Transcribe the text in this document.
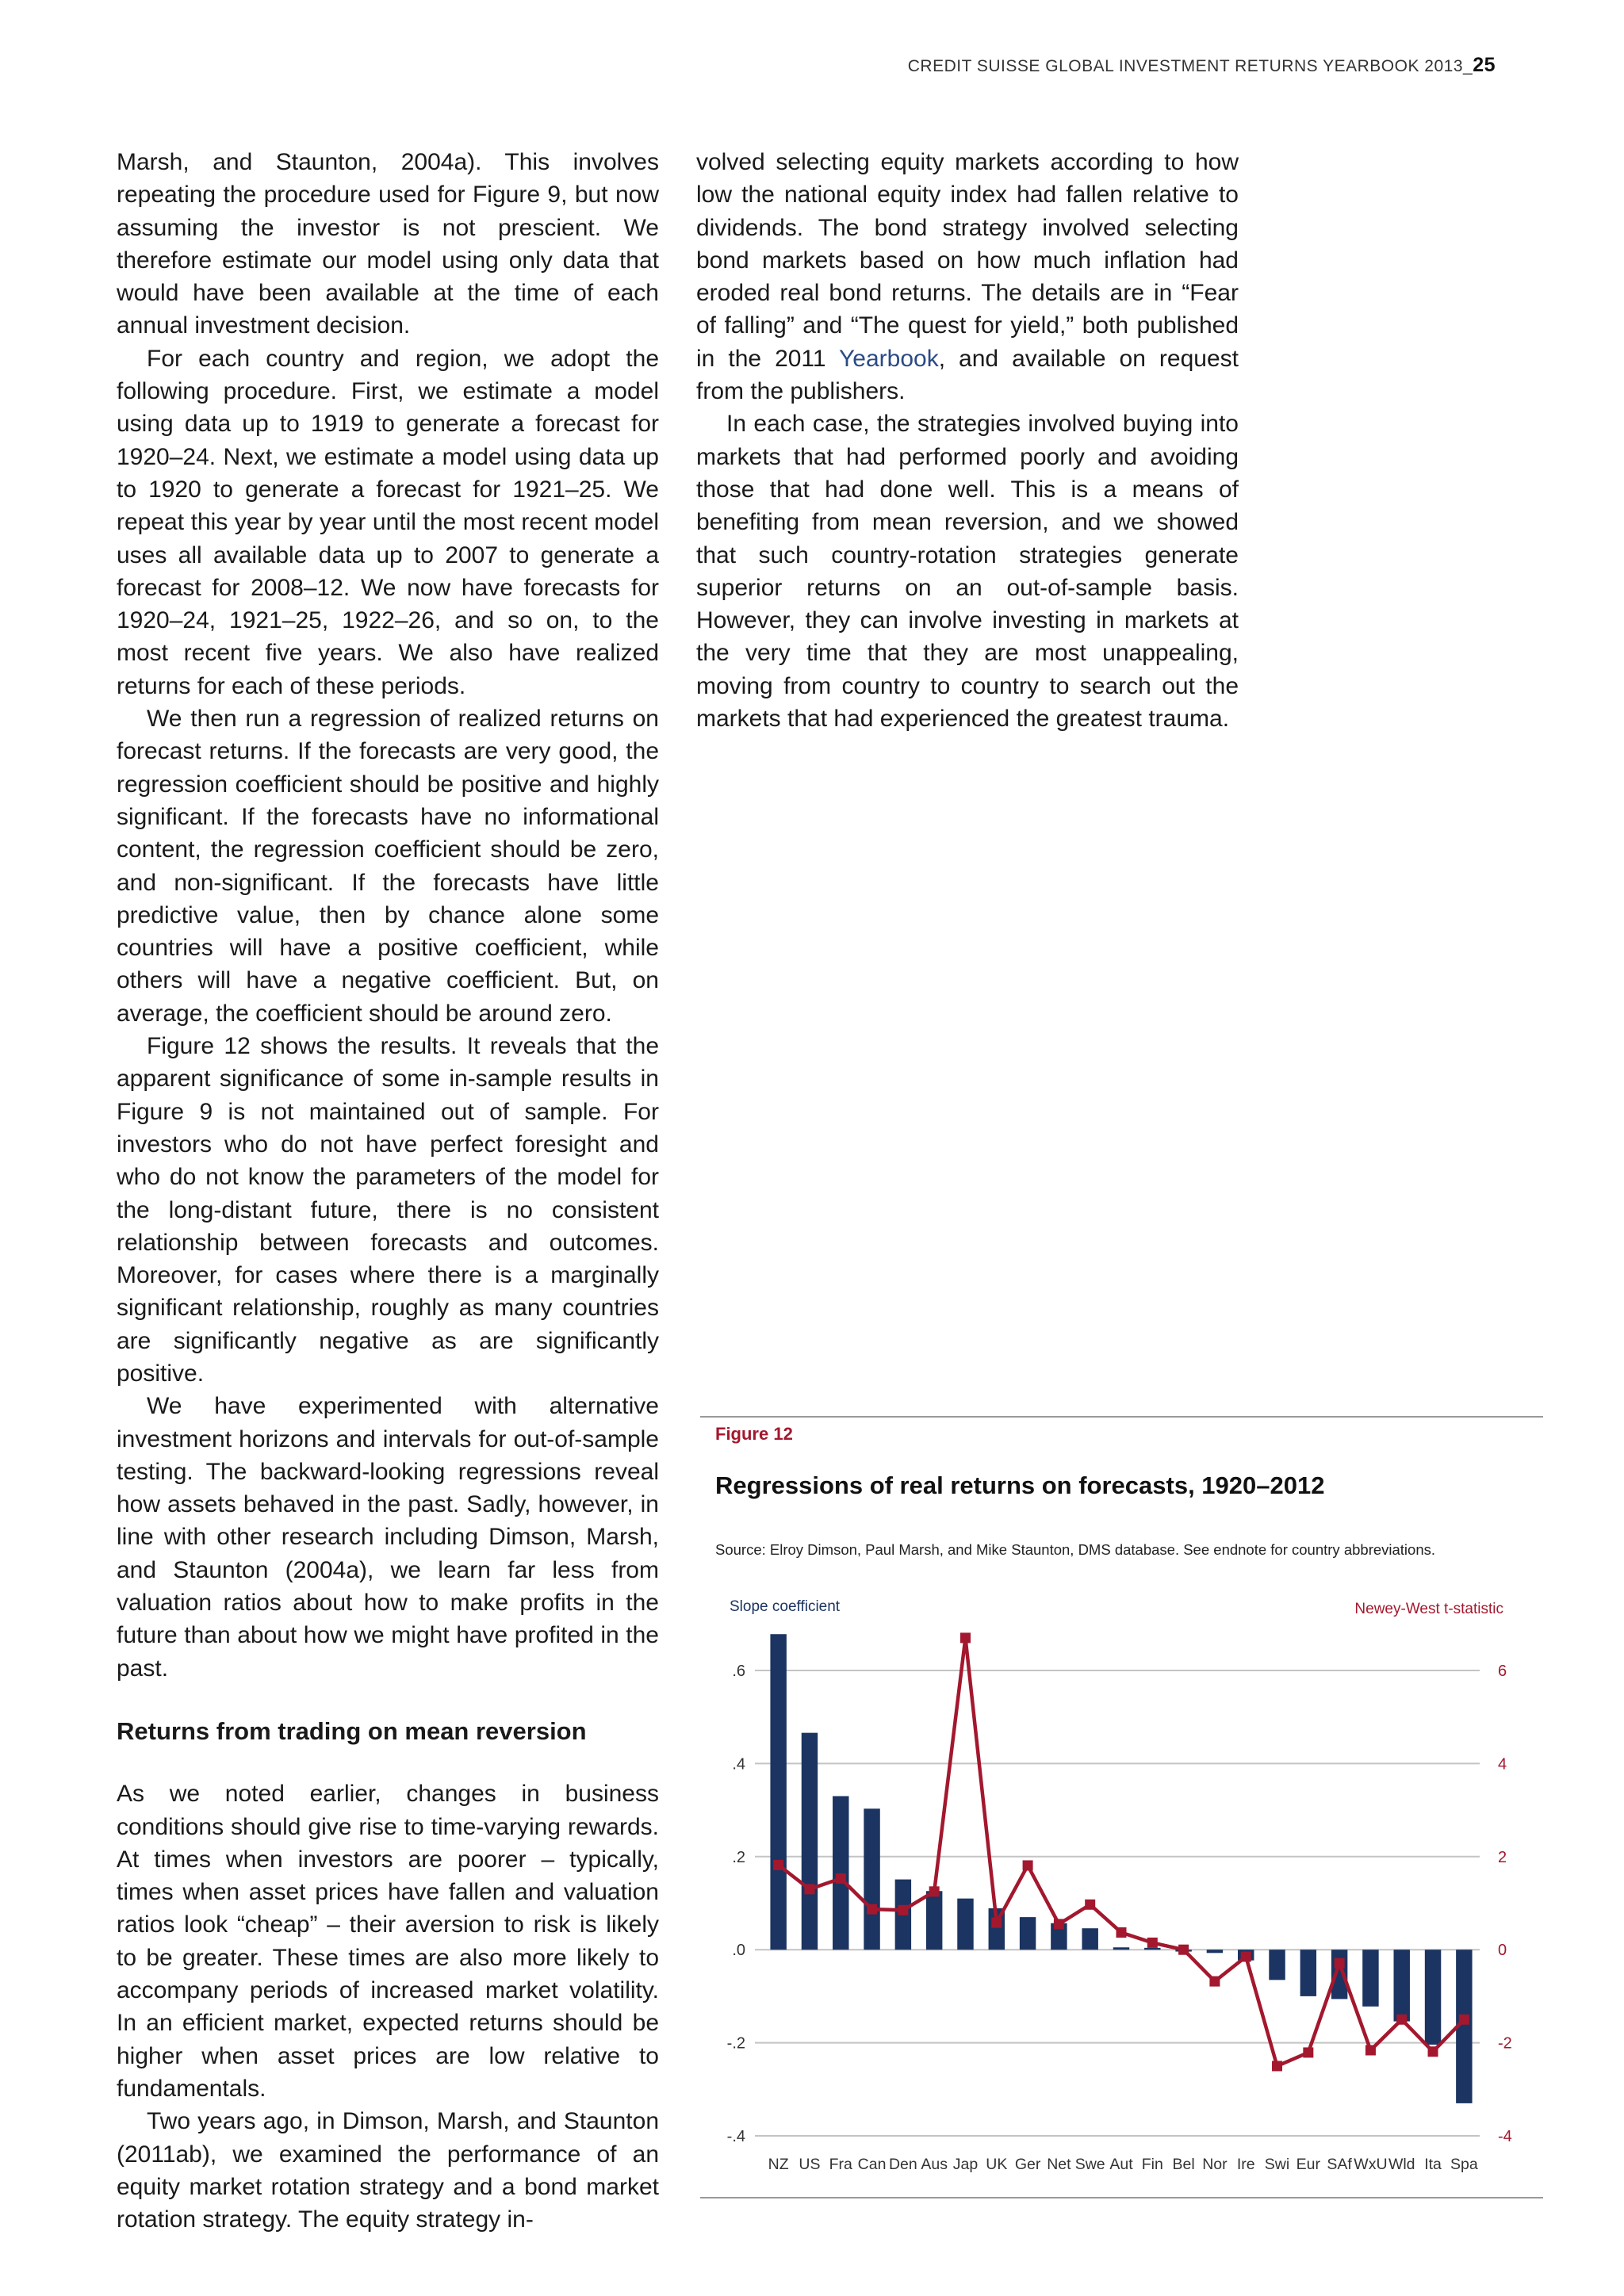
CREDIT SUISSE GLOBAL INVESTMENT RETURNS YEARBOOK 2013_25

Marsh, and Staunton, 2004a). This involves repeating the procedure used for Figure 9, but now assuming the investor is not prescient. We therefore estimate our model using only data that would have been available at the time of each annual investment decision.

For each country and region, we adopt the following procedure. First, we estimate a model using data up to 1919 to generate a forecast for 1920–24. Next, we estimate a model using data up to 1920 to generate a forecast for 1921–25. We repeat this year by year until the most recent model uses all available data up to 2007 to generate a forecast for 2008–12. We now have forecasts for 1920–24, 1921–25, 1922–26, and so on, to the most recent five years. We also have realized returns for each of these periods.

We then run a regression of realized returns on forecast returns. If the forecasts are very good, the regression coefficient should be positive and highly significant. If the forecasts have no informational content, the regression coefficient should be zero, and non-significant. If the forecasts have little predictive value, then by chance alone some countries will have a positive coefficient, while others will have a negative coefficient. But, on average, the coefficient should be around zero.

Figure 12 shows the results. It reveals that the apparent significance of some in-sample results in Figure 9 is not maintained out of sample. For investors who do not have perfect foresight and who do not know the parameters of the model for the long-distant future, there is no consistent relationship between forecasts and outcomes. Moreover, for cases where there is a marginally significant relationship, roughly as many countries are significantly negative as are significantly positive.

We have experimented with alternative investment horizons and intervals for out-of-sample testing. The backward-looking regressions reveal how assets behaved in the past. Sadly, however, in line with other research including Dimson, Marsh, and Staunton (2004a), we learn far less from valuation ratios about how to make profits in the future than about how we might have profited in the past.

Returns from trading on mean reversion

As we noted earlier, changes in business conditions should give rise to time-varying rewards. At times when investors are poorer – typically, times when asset prices have fallen and valuation ratios look “cheap” – their aversion to risk is likely to be greater. These times are also more likely to accompany periods of increased market volatility. In an efficient market, expected returns should be higher when asset prices are low relative to fundamentals.

Two years ago, in Dimson, Marsh, and Staunton (2011ab), we examined the performance of an equity market rotation strategy and a bond market rotation strategy. The equity strategy in-

volved selecting equity markets according to how low the national equity index had fallen relative to dividends. The bond strategy involved selecting bond markets based on how much inflation had eroded real bond returns. The details are in “Fear of falling” and “The quest for yield,” both published in the 2011 Yearbook, and available on request from the publishers.

In each case, the strategies involved buying into markets that had performed poorly and avoiding those that had done well. This is a means of benefiting from mean reversion, and we showed that such country-rotation strategies generate superior returns on an out-of-sample basis. However, they can involve investing in markets at the very time that they are most unappealing, moving from country to country to search out the markets that had experienced the greatest trauma.

Figure 12
Regressions of real returns on forecasts, 1920–2012
Source: Elroy Dimson, Paul Marsh, and Mike Staunton, DMS database. See endnote for country abbreviations.
Slope coefficient	Newey-West t-statistic
.6	6
.4	4
.2	2
.0	0
-.2	-2
-.4	-4
NZ US Fra Can Den Aus Jap UK Ger Net Swe Aut Fin Bel Nor Ire Swi Eur SAf WxU Wld Ita Spa
